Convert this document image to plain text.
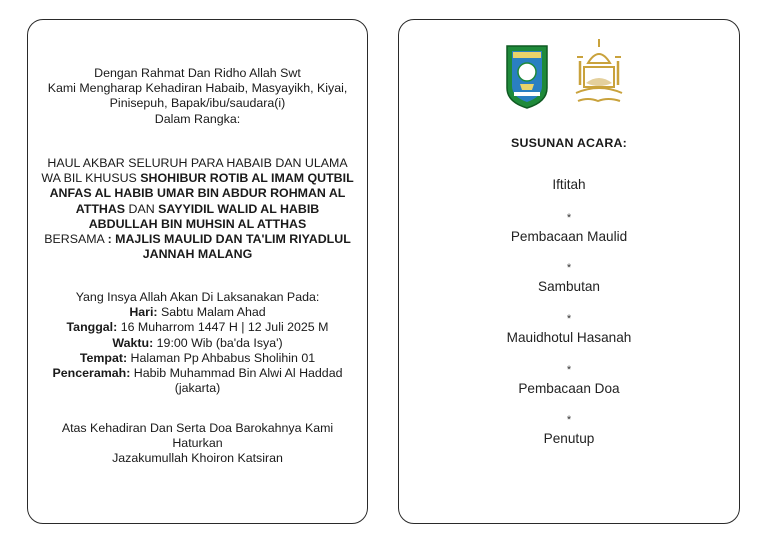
Dengan Rahmat Dan Ridho Allah Swt
Kami Mengharap Kehadiran Habaib, Masyayikh, Kiyai,
Pinisepuh, Bapak/ibu/saudara(i)
Dalam Rangka:
HAUL AKBAR SELURUH PARA HABAIB DAN ULAMA
WA BIL KHUSUS SHOHIBUR ROTIB AL IMAM QUTBIL
ANFAS AL HABIB UMAR BIN ABDUR ROHMAN AL
ATTHAS DAN SAYYIDIL WALID AL HABIB
ABDULLAH BIN MUHSIN AL ATTHAS
BERSAMA : MAJLIS MAULID DAN TA'LIM RIYADLUL
JANNAH MALANG
Yang Insya Allah Akan Di Laksanakan Pada:
Hari: Sabtu Malam Ahad
Tanggal: 16 Muharrom 1447 H | 12 Juli 2025 M
Waktu: 19:00 Wib (ba'da Isya')
Tempat: Halaman Pp Ahbabus Sholihin 01
Penceramah: Habib Muhammad Bin Alwi Al Haddad
(jakarta)
Atas Kehadiran Dan Serta Doa Barokahnya Kami
Haturkan
Jazakumullah Khoiron Katsiran
SUSUNAN ACARA:
Iftitah
*
Pembacaan Maulid
*
Sambutan
*
Mauidhotul Hasanah
*
Pembacaan Doa
*
Penutup
